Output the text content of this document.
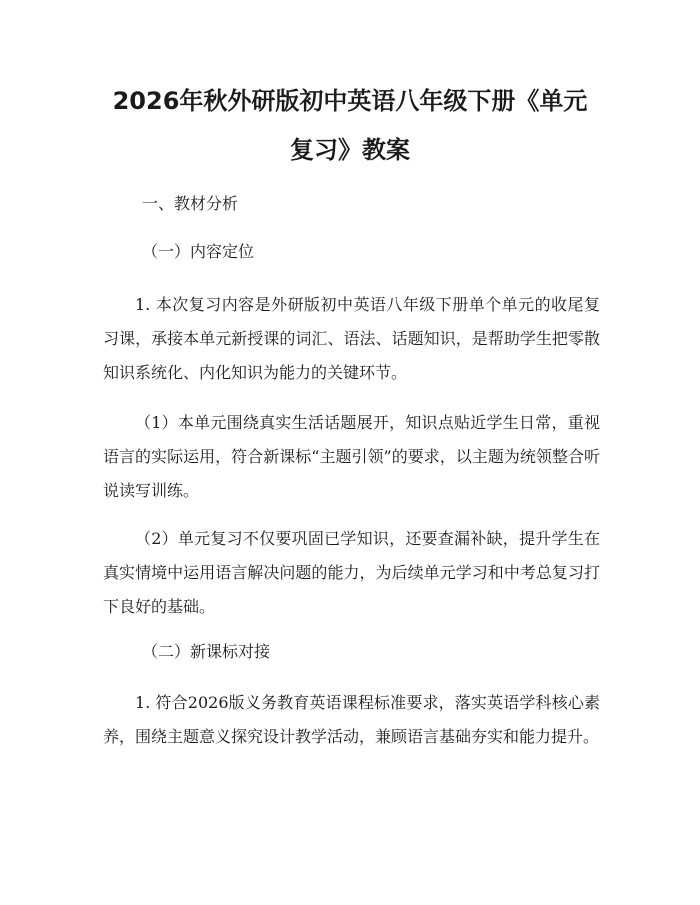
2026年秋外研版初中英语八年级下册《单元
复习》教案

一、教材分析

（一）内容定位

1. 本次复习内容是外研版初中英语八年级下册单个单元的收尾复习课，承接本单元新授课的词汇、语法、话题知识，是帮助学生把零散知识系统化、内化知识为能力的关键环节。

（1）本单元围绕真实生活话题展开，知识点贴近学生日常，重视语言的实际运用，符合新课标“主题引领”的要求，以主题为统领整合听说读写训练。

（2）单元复习不仅要巩固已学知识，还要查漏补缺，提升学生在真实情境中运用语言解决问题的能力，为后续单元学习和中考总复习打下良好的基础。

（二）新课标对接

1. 符合2026版义务教育英语课程标准要求，落实英语学科核心素养，围绕主题意义探究设计教学活动，兼顾语言基础夯实和能力提升。
